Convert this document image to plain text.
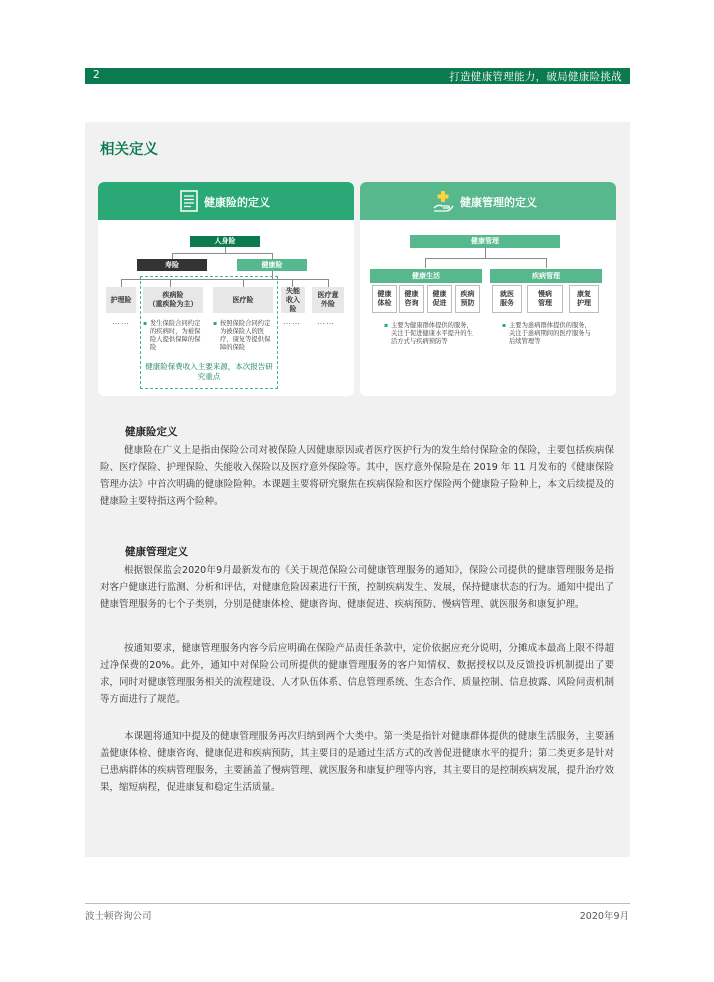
2	打造健康管理能力，破局健康险挑战
相关定义
健康险的定义
人身险
寿险	健康险
护理险
疾病险
（重疾险为主）
医疗险
失能收入险
医疗意外险
……	…… ……
▪ 发生保险合同约定的疾病时，为被保险人提供保障的保险
▪ 按照保险合同约定为被保险人的医疗、康复等提供保障的保险
健康险保费收入主要来源，本次报告研究重点
健康管理的定义
健康管理
健康生活	疾病管理
健康
体检
健康
咨询
健康
促进
疾病
预防
就医
服务
慢病
管理
康复
护理
▪ 主要为健康群体提供的服务，关注于促进健康水平提升的生活方式与疾病预防等
▪ 主要为患病群体提供的服务，关注于患病期间的医疗服务与后续管理等
健康险定义
健康险在广义上是指由保险公司对被保险人因健康原因或者医疗医护行为的发生给付保险金的保险，主要包括疾病保险、医疗保险、护理保险、失能收入保险以及医疗意外保险等。其中，医疗意外保险是在 2019 年 11 月发布的《健康保险管理办法》中首次明确的健康险险种。本课题主要将研究聚焦在疾病保险和医疗保险两个健康险子险种上，本文后续提及的健康险主要特指这两个险种。
健康管理定义
根据银保监会2020年9月最新发布的《关于规范保险公司健康管理服务的通知》，保险公司提供的健康管理服务是指对客户健康进行监测、分析和评估，对健康危险因素进行干预，控制疾病发生、发展，保持健康状态的行为。通知中提出了健康管理服务的七个子类别，分别是健康体检、健康咨询、健康促进、疾病预防、慢病管理、就医服务和康复护理。
按通知要求，健康管理服务内容今后应明确在保险产品责任条款中，定价依据应充分说明，分摊成本最高上限不得超过净保费的20%。此外，通知中对保险公司所提供的健康管理服务的客户知情权、数据授权以及反馈投诉机制提出了要求，同时对健康管理服务相关的流程建设、人才队伍体系、信息管理系统、生态合作、质量控制、信息披露、风险问责机制等方面进行了规范。
本课题将通知中提及的健康管理服务再次归纳到两个大类中。第一类是指针对健康群体提供的健康生活服务，主要涵盖健康体检、健康咨询、健康促进和疾病预防，其主要目的是通过生活方式的改善促进健康水平的提升；第二类更多是针对已患病群体的疾病管理服务，主要涵盖了慢病管理、就医服务和康复护理等内容，其主要目的是控制疾病发展，提升治疗效果，缩短病程，促进康复和稳定生活质量。
波士顿咨询公司	2020年9月
